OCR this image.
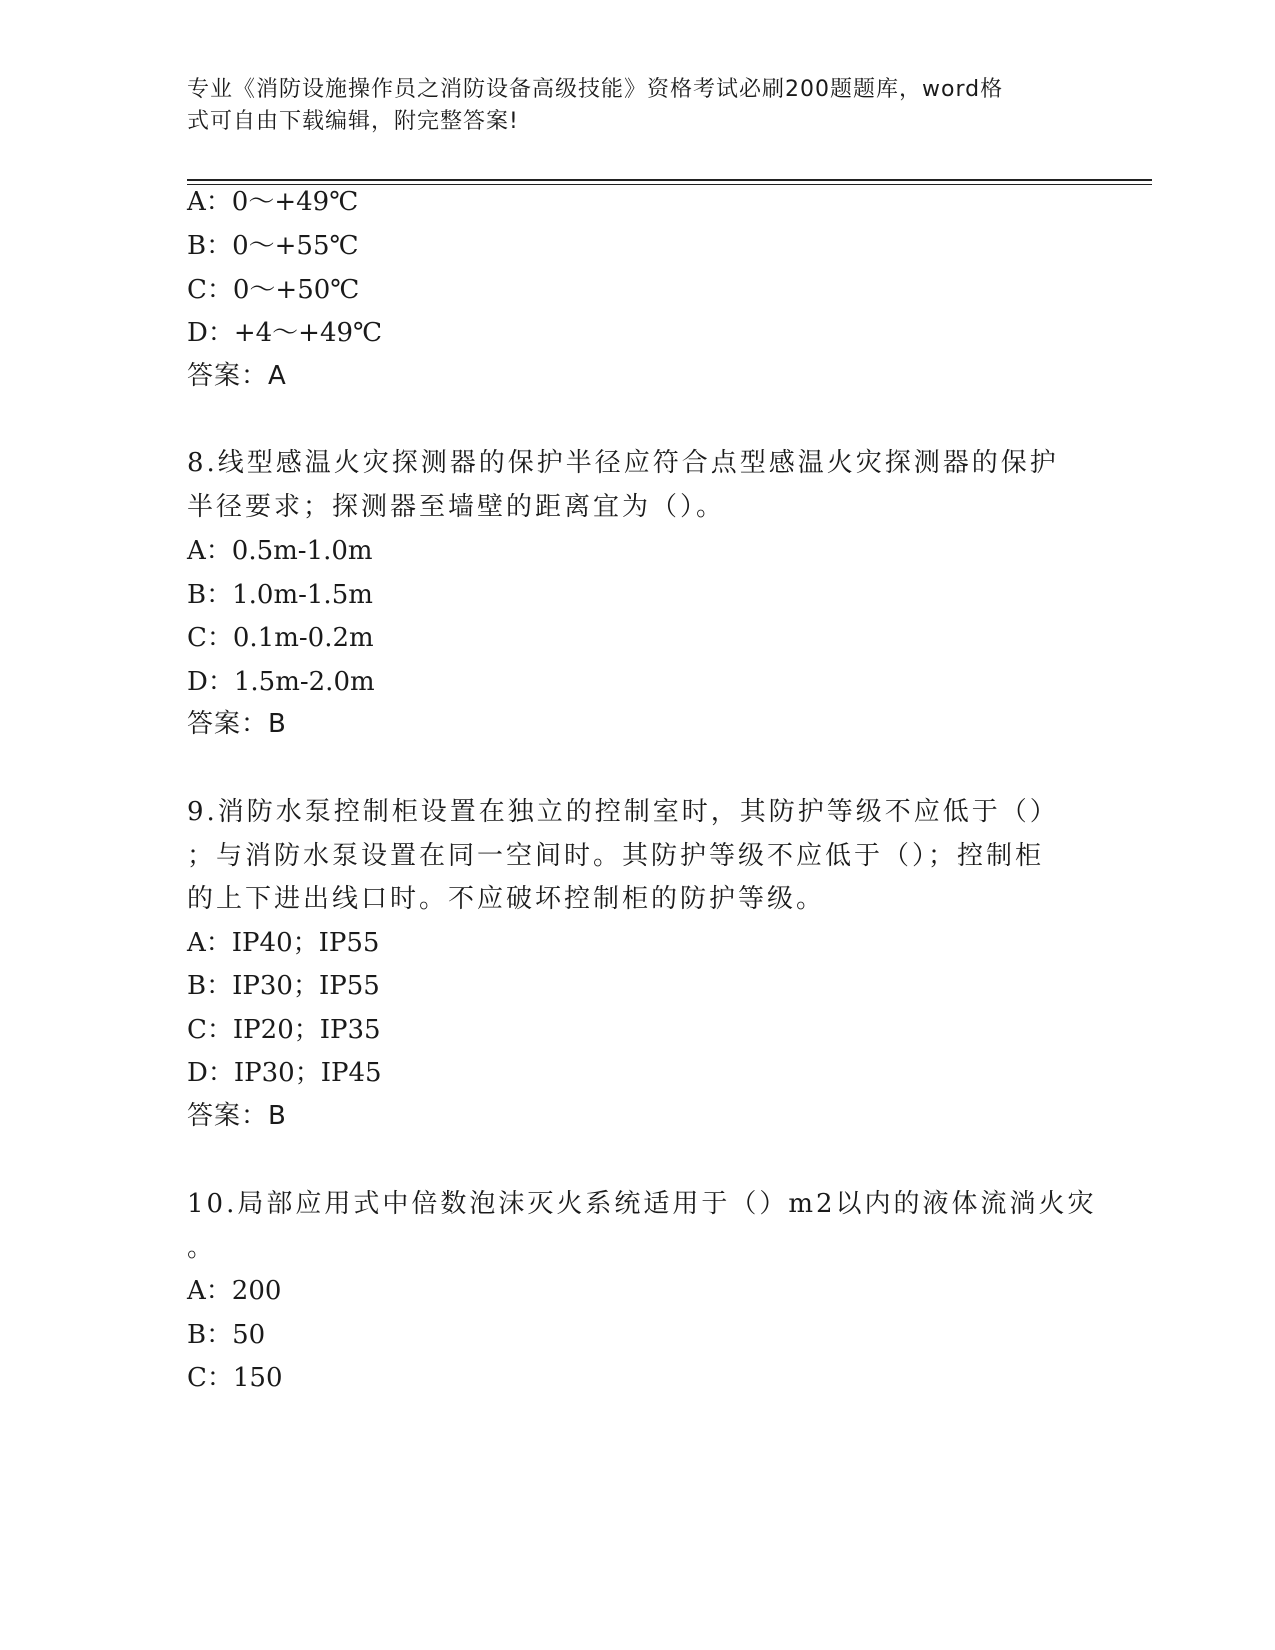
专业《消防设施操作员之消防设备高级技能》资格考试必刷200题题库，word格
式可自由下载编辑，附完整答案!
A：0～+49℃
B：0～+55℃
C：0～+50℃
D：+4～+49℃
答案：A
8.线型感温火灾探测器的保护半径应符合点型感温火灾探测器的保护
半径要求；探测器至墙壁的距离宜为（）。
A：0.5m-1.0m
B：1.0m-1.5m
C：0.1m-0.2m
D：1.5m-2.0m
答案：B
9.消防水泵控制柜设置在独立的控制室时，其防护等级不应低于（）
；与消防水泵设置在同一空间时。其防护等级不应低于（）；控制柜
的上下进出线口时。不应破坏控制柜的防护等级。
A：IP40；IP55
B：IP30；IP55
C：IP20；IP35
D：IP30；IP45
答案：B
10.局部应用式中倍数泡沫灭火系统适用于（）m2以内的液体流淌火灾
。
A：200
B：50
C：150
